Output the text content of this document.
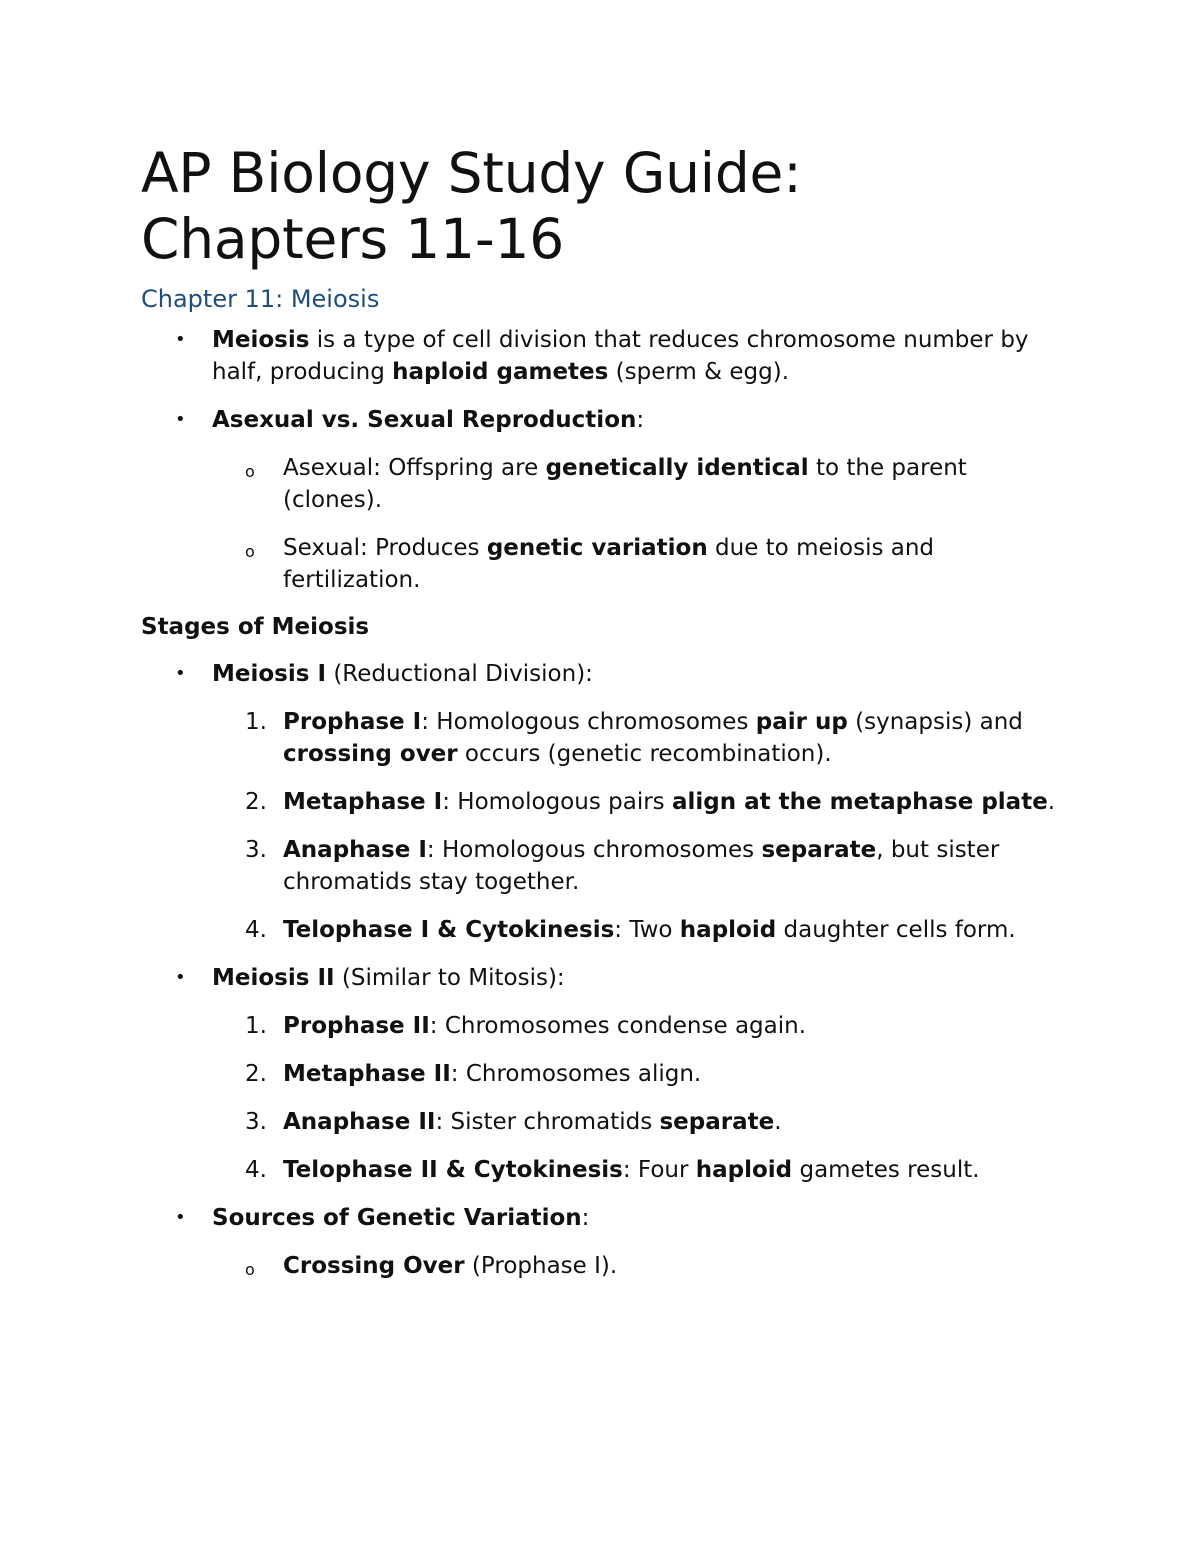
AP Biology Study Guide: Chapters 11-16
Chapter 11: Meiosis
• Meiosis is a type of cell division that reduces chromosome number by half, producing haploid gametes (sperm & egg).
• Asexual vs. Sexual Reproduction:
o Asexual: Offspring are genetically identical to the parent (clones).
o Sexual: Produces genetic variation due to meiosis and fertilization.
Stages of Meiosis
• Meiosis I (Reductional Division):
1. Prophase I: Homologous chromosomes pair up (synapsis) and crossing over occurs (genetic recombination).
2. Metaphase I: Homologous pairs align at the metaphase plate.
3. Anaphase I: Homologous chromosomes separate, but sister chromatids stay together.
4. Telophase I & Cytokinesis: Two haploid daughter cells form.
• Meiosis II (Similar to Mitosis):
1. Prophase II: Chromosomes condense again.
2. Metaphase II: Chromosomes align.
3. Anaphase II: Sister chromatids separate.
4. Telophase II & Cytokinesis: Four haploid gametes result.
• Sources of Genetic Variation:
o Crossing Over (Prophase I).
